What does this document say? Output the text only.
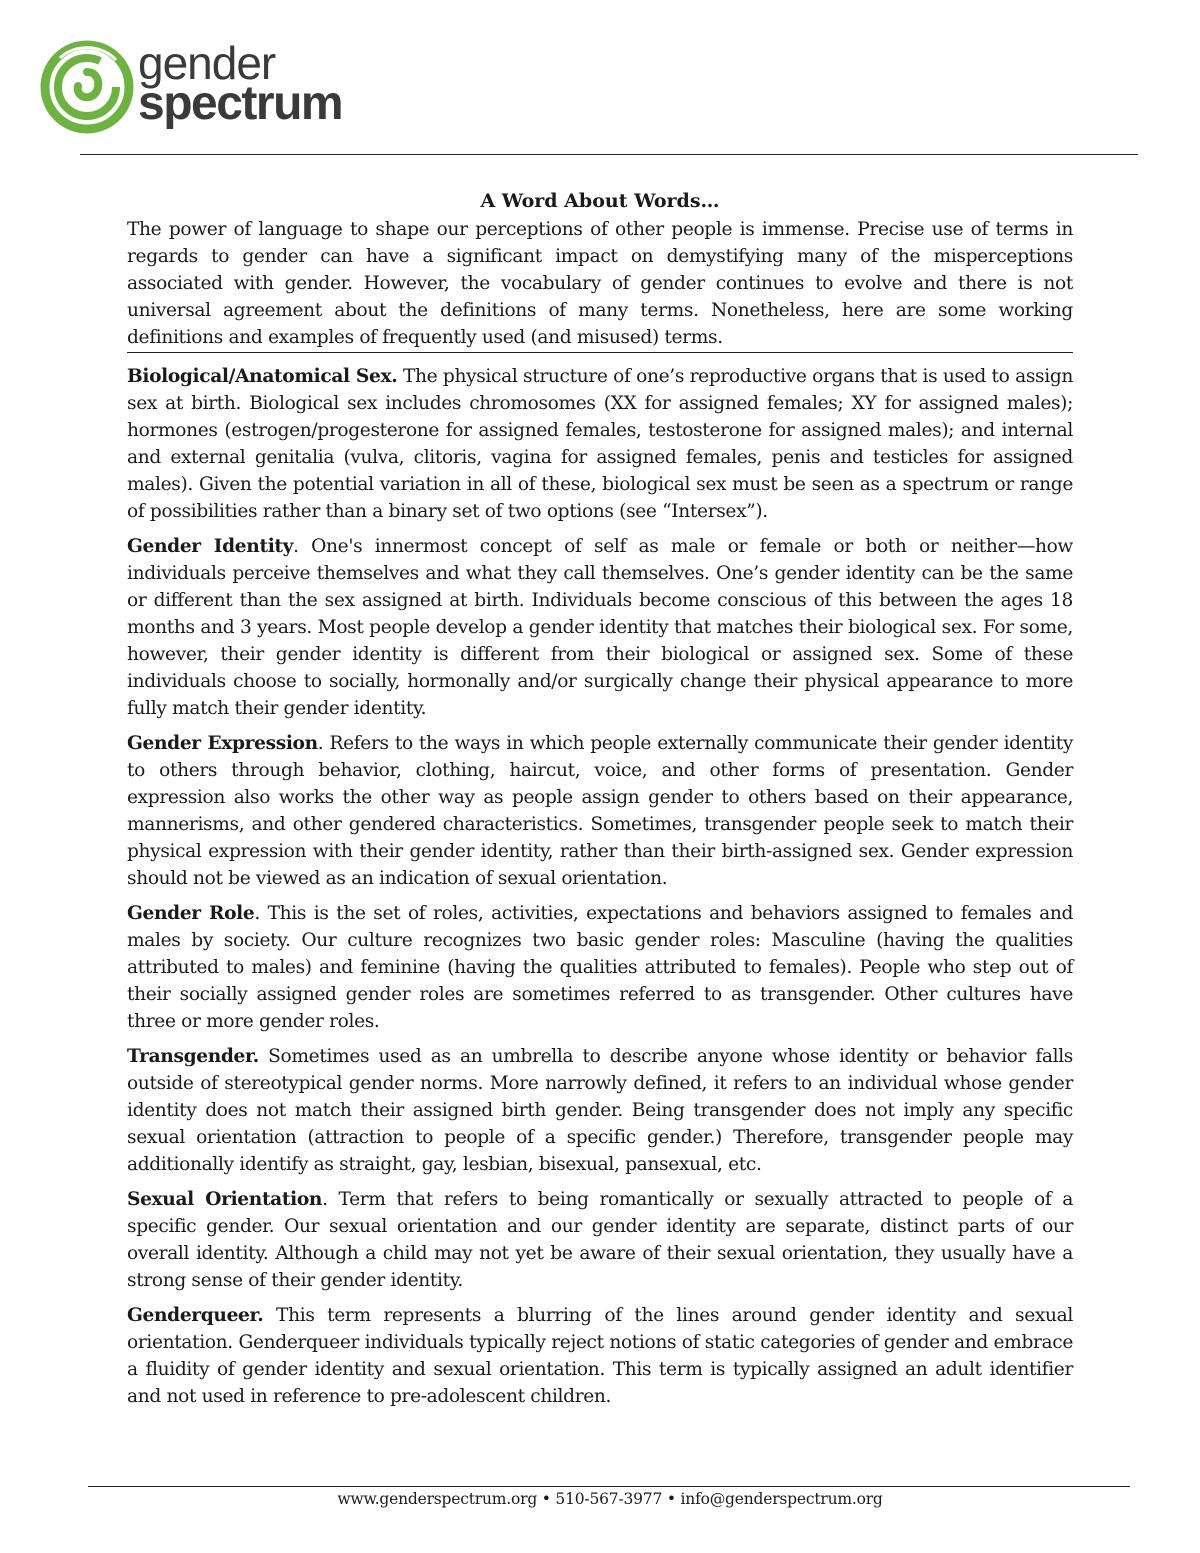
gender
spectrum
A Word About Words…

The power of language to shape our perceptions of other people is immense. Precise use of terms in regards to gender can have a significant impact on demystifying many of the misperceptions associated with gender. However, the vocabulary of gender continues to evolve and there is not universal agreement about the definitions of many terms. Nonetheless, here are some working definitions and examples of frequently used (and misused) terms.

Biological/Anatomical Sex. The physical structure of one’s reproductive organs that is used to assign sex at birth. Biological sex includes chromosomes (XX for assigned females; XY for assigned males); hormones (estrogen/progesterone for assigned females, testosterone for assigned males); and internal and external genitalia (vulva, clitoris, vagina for assigned females, penis and testicles for assigned males). Given the potential variation in all of these, biological sex must be seen as a spectrum or range of possibilities rather than a binary set of two options (see “Intersex”).

Gender Identity. One's innermost concept of self as male or female or both or neither—how individuals perceive themselves and what they call themselves. One’s gender identity can be the same or different than the sex assigned at birth. Individuals become conscious of this between the ages 18 months and 3 years. Most people develop a gender identity that matches their biological sex. For some, however, their gender identity is different from their biological or assigned sex. Some of these individuals choose to socially, hormonally and/or surgically change their physical appearance to more fully match their gender identity.

Gender Expression. Refers to the ways in which people externally communicate their gender identity to others through behavior, clothing, haircut, voice, and other forms of presentation. Gender expression also works the other way as people assign gender to others based on their appearance, mannerisms, and other gendered characteristics. Sometimes, transgender people seek to match their physical expression with their gender identity, rather than their birth-assigned sex. Gender expression should not be viewed as an indication of sexual orientation.

Gender Role. This is the set of roles, activities, expectations and behaviors assigned to females and males by society. Our culture recognizes two basic gender roles: Masculine (having the qualities attributed to males) and feminine (having the qualities attributed to females). People who step out of their socially assigned gender roles are sometimes referred to as transgender. Other cultures have three or more gender roles.

Transgender. Sometimes used as an umbrella to describe anyone whose identity or behavior falls outside of stereotypical gender norms. More narrowly defined, it refers to an individual whose gender identity does not match their assigned birth gender. Being transgender does not imply any specific sexual orientation (attraction to people of a specific gender.) Therefore, transgender people may additionally identify as straight, gay, lesbian, bisexual, pansexual, etc.

Sexual Orientation. Term that refers to being romantically or sexually attracted to people of a specific gender. Our sexual orientation and our gender identity are separate, distinct parts of our overall identity. Although a child may not yet be aware of their sexual orientation, they usually have a strong sense of their gender identity.

Genderqueer. This term represents a blurring of the lines around gender identity and sexual orientation. Genderqueer individuals typically reject notions of static categories of gender and embrace a fluidity of gender identity and sexual orientation. This term is typically assigned an adult identifier and not used in reference to pre-adolescent children.

www.genderspectrum.org • 510-567-3977 • info@genderspectrum.org
